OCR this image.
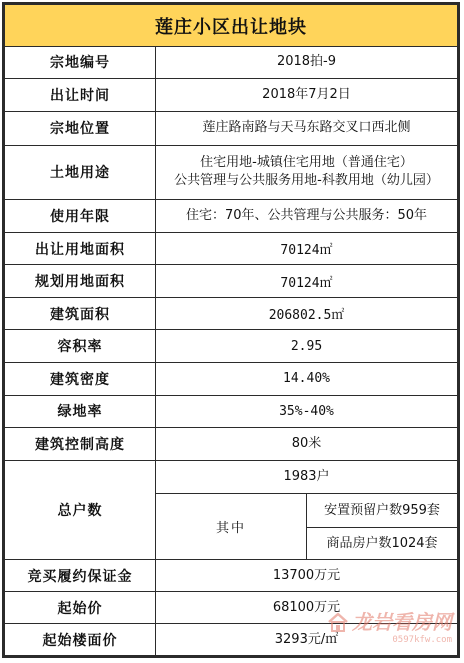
莲庄小区出让地块		
宗地编号	2018拍-9	
出让时间	2018年7月2日	
宗地位置	莲庄路南路与天马东路交叉口西北侧	
土地用途	住宅用地-城镇住宅用地（普通住宅）
公共管理与公共服务用地-科教用地（幼儿园）	

使用年限	住宅：70年、公共管理与公共服务：50年	
出让用地面积	70124㎡	
规划用地面积	70124㎡	
建筑面积	206802.5㎡	
容积率	2.95	
建筑密度	14.40%	
绿地率	35%-40%	
建筑控制高度	80米	
总户数	1983户	
	其中	安置预留户数959套
		商品房户数1024套
竞买履约保证金	13700万元	
起始价	68100万元	
起始楼面价	3293元/㎡	
龙岩看房网
0597kfw.com
